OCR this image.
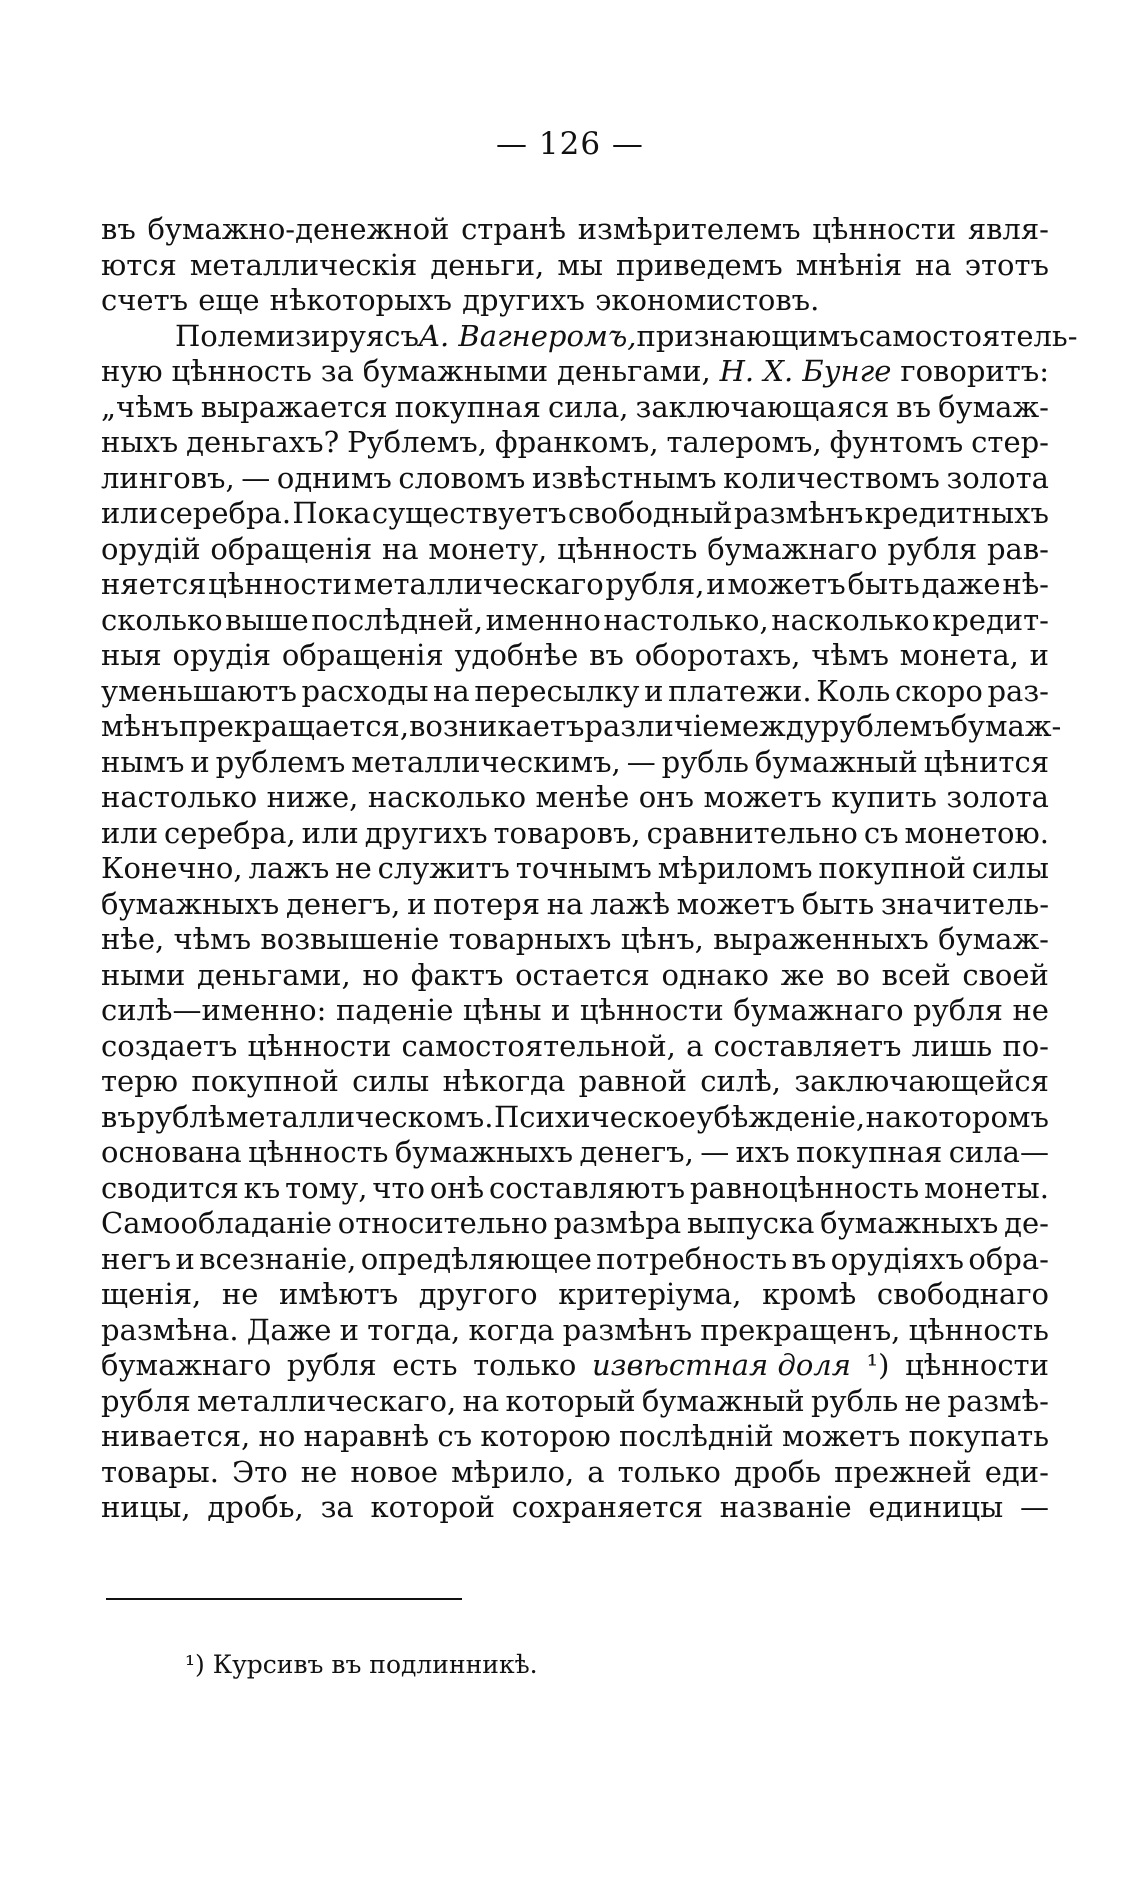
— 126 —
въ бумажно-денежной странѣ измѣрителемъ цѣнности явля-
ются металлическія деньги, мы приведемъ мнѣнія на этотъ
счетъ еще нѣкоторыхъ другихъ экономистовъ.
Полемизируя съ A. Вагнеромъ, признающимъ самостоятель-
ную цѣнность за бумажными деньгами, Н. Х. Бунге говоритъ:
„чѣмъ выражается покупная сила, заключающаяся въ бумаж-
ныхъ деньгахъ? Рублемъ, франкомъ, талеромъ, фунтомъ стер-
линговъ, — однимъ словомъ извѣстнымъ количествомъ золота
или серебра. Пока существуетъ свободный размѣнъ кредитныхъ
орудій обращенія на монету, цѣнность бумажнаго рубля рав-
няется цѣнности металлическаго рубля, и можетъ быть даже нѣ-
сколько выше послѣдней, именно настолько, насколько кредит-
ныя орудія обращенія удобнѣе въ оборотахъ, чѣмъ монета, и
уменьшаютъ расходы на пересылку и платежи. Коль скоро раз-
мѣнъ прекращается, возникаетъ различіе между рублемъ бумаж-
нымъ и рублемъ металлическимъ, — рубль бумажный цѣнится
настолько ниже, насколько менѣе онъ можетъ купить золота
или серебра, или другихъ товаровъ, сравнительно съ монетою.
Конечно, лажъ не служитъ точнымъ мѣриломъ покупной силы
бумажныхъ денегъ, и потеря на лажѣ можетъ быть значитель-
нѣе, чѣмъ возвышеніе товарныхъ цѣнъ, выраженныхъ бумаж-
ными деньгами, но фактъ остается однако же во всей своей
силѣ—именно: паденіе цѣны и цѣнности бумажнаго рубля не
создаетъ цѣнности самостоятельной, а составляетъ лишь по-
терю покупной силы нѣкогда равной силѣ, заключающейся
въ рублѣ металлическомъ. Психическое убѣжденіе, на которомъ
основана цѣнность бумажныхъ денегъ, — ихъ покупная сила—
сводится къ тому, что онѣ составляютъ равноцѣнность монеты.
Самообладаніе относительно размѣра выпуска бумажныхъ де-
негъ и всезнаніе, опредѣляющее потребность въ орудіяхъ обра-
щенія, не имѣютъ другого критеріума, кромѣ свободнаго
размѣна. Даже и тогда, когда размѣнъ прекращенъ, цѣнность
бумажнаго рубля есть только извѣстная доля ¹) цѣнности
рубля металлическаго, на который бумажный рубль не размѣ-
нивается, но наравнѣ съ которою послѣдній можетъ покупать
товары. Это не новое мѣрило, а только дробь прежней еди-
ницы, дробь, за которой сохраняется названіе единицы —
¹) Курсивъ въ подлинникѣ.
